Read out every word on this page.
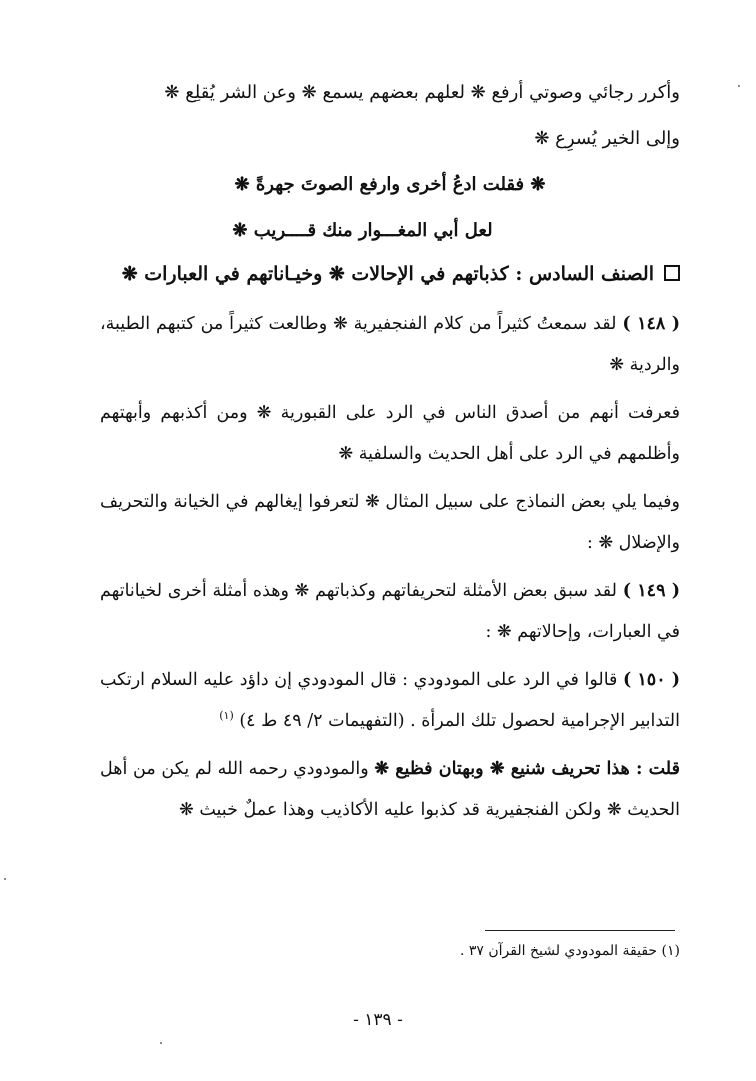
وأكرر رجائي وصوتي أرفع ❋ لعلهم بعضهم يسمع ❋ وعن الشر يُقلِع ❋

وإلى الخير يُسرِع ❋

❋ فقلت ادعُ أخرى وارفع الصوتَ جهرةً ❋

لعل أبي المغـــوار منك قــــريب ❋

الصنف السادس : كذباتهم في الإحالات ❋ وخيـاناتهم في العبارات ❋

( ١٤٨ ) لقد سمعتُ كثيراً من كلام الفنجفيرية ❋ وطالعت كثيراً من كتبهم الطيبة، والردية ❋

فعرفت أنهم من أصدق الناس في الرد على القبورية ❋ ومن أكذبهم وأبهتهم وأظلمهم في الرد على أهل الحديث والسلفية ❋

وفيما يلي بعض النماذج على سبيل المثال ❋ لتعرفوا إيغالهم في الخيانة والتحريف والإضلال ❋ :

( ١٤٩ ) لقد سبق بعض الأمثلة لتحريفاتهم وكذباتهم ❋ وهذه أمثلة أخرى لخياناتهم في العبارات، وإحالاتهم ❋ :

( ١٥٠ ) قالوا في الرد على المودودي : قال المودودي إن داؤد عليه السلام ارتكب التدابير الإجرامية لحصول تلك المرأة . (التفهيمات ٢/ ٤٩ ط ٤) $^{(١)}$

قلت : هذا تحريف شنيع ❋ وبهتان فظيع ❋ والمودودي رحمه الله لم يكن من أهل الحديث ❋ ولكن الفنجفيرية قد كذبوا عليه الأكاذيب وهذا عملٌ خبيث ❋

(١) حقيقة المودودي لشيخ القرآن ٣٧ .
- ١٣٩ -
